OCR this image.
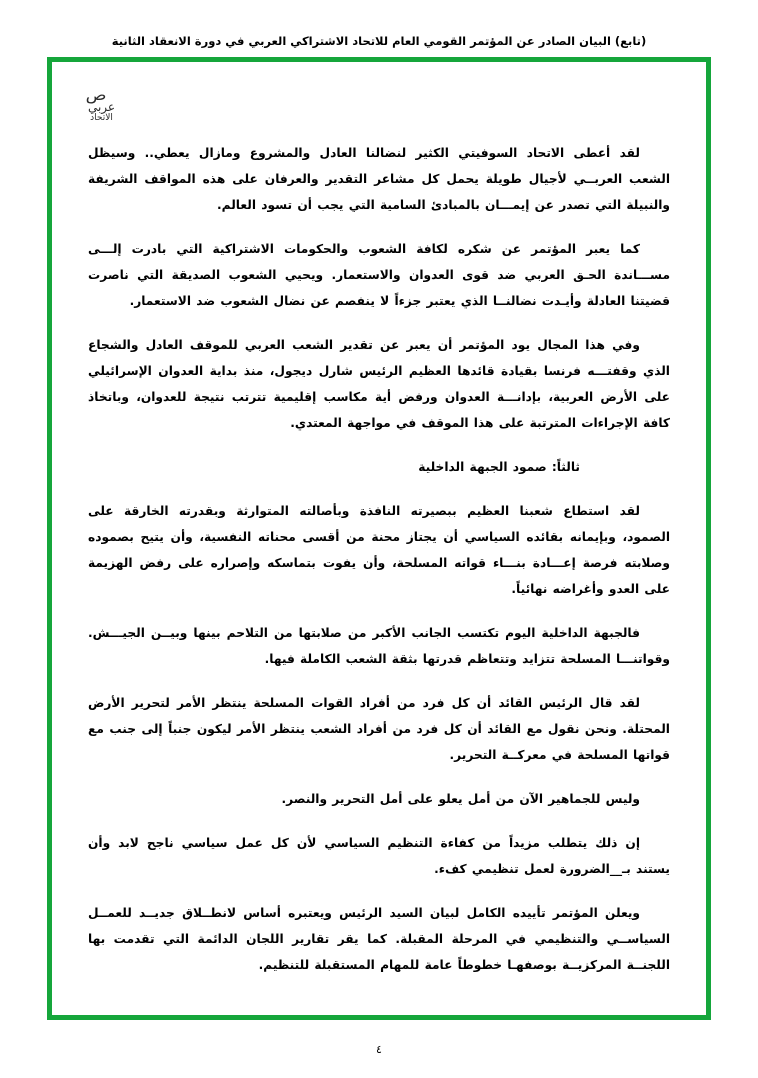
(تابع) البيان الصادر عن المؤتمر القومي العام للاتحاد الاشتراكي العربي في دورة الانعقاد الثانية
ص
عربي
الاتحاد

لقد أعطى الاتحاد السوفيتي الكثير لنضالنا العادل والمشروع ومازال يعطي.. وسيظل الشعب العربــي لأجيال طويلة يحمل كل مشاعر التقدير والعرفان على هذه المواقف الشريفة والنبيلة التي تصدر عن إيمـــان بالمبادئ السامية التي يجب أن تسود العالم.

كما يعبر المؤتمر عن شكره لكافة الشعوب والحكومات الاشتراكية التي بادرت إلـــى مســـاندة الحـق العربي ضد قوى العدوان والاستعمار. ويحيي الشعوب الصديقة التي ناصرت قضيتنا العادلة وأيـدت نضالنــا الذي يعتبر جزءاً لا ينفصم عن نضال الشعوب ضد الاستعمار.

وفي هذا المجال يود المؤتمر أن يعبر عن تقدير الشعب العربي للموقف العادل والشجاع الذي وقفتـــه فرنسا بقيادة قائدها العظيم الرئيس شارل ديجول، منذ بداية العدوان الإسرائيلي على الأرض العربية، بإدانـــة العدوان ورفض أية مكاسب إقليمية تترتب نتيجة للعدوان، وباتخاذ كافة الإجراءات المترتبة على هذا الموقف في مواجهة المعتدي.

ثالثاً: صمود الجبهة الداخلية

لقد استطاع شعبنا العظيم ببصيرته النافذة وبأصالته المتوارثة وبقدرته الخارقة على الصمود، وبإيمانه بقائده السياسي أن يجتاز محنة من أقسى محناته النفسية، وأن يتيح بصموده وصلابته فرصة إعـــادة بنـــاء قواته المسلحة، وأن يفوت بتماسكه وإصراره على رفض الهزيمة على العدو وأغراضه نهائياً.

فالجبهة الداخلية اليوم تكتسب الجانب الأكبر من صلابتها من التلاحم بينها وبيــن الجيـــش. وقواتنـــا المسلحة تتزايد وتتعاظم قدرتها بثقة الشعب الكاملة فيها.

لقد قال الرئيس القائد أن كل فرد من أفراد القوات المسلحة ينتظر الأمر لتحرير الأرض المحتلة. ونحن نقول مع القائد أن كل فرد من أفراد الشعب ينتظر الأمر ليكون جنباً إلى جنب مع قواتها المسلحة في معركــة التحرير.

وليس للجماهير الآن من أمل يعلو على أمل التحرير والنصر.

إن ذلك يتطلب مزيداً من كفاءة التنظيم السياسي لأن كل عمل سياسي ناجح لابد وأن يستند بـ__الضرورة لعمل تنظيمي كفء.

ويعلن المؤتمر تأييده الكامل لبيان السيد الرئيس ويعتبره أساس لانطــلاق جديــد للعمــل السياســي والتنظيمي في المرحلة المقبلة. كما يقر تقارير اللجان الدائمة التي تقدمت بها اللجنــة المركزيــة بوصفهـا خطوطاً عامة للمهام المستقبلة للتنظيم.

٤
